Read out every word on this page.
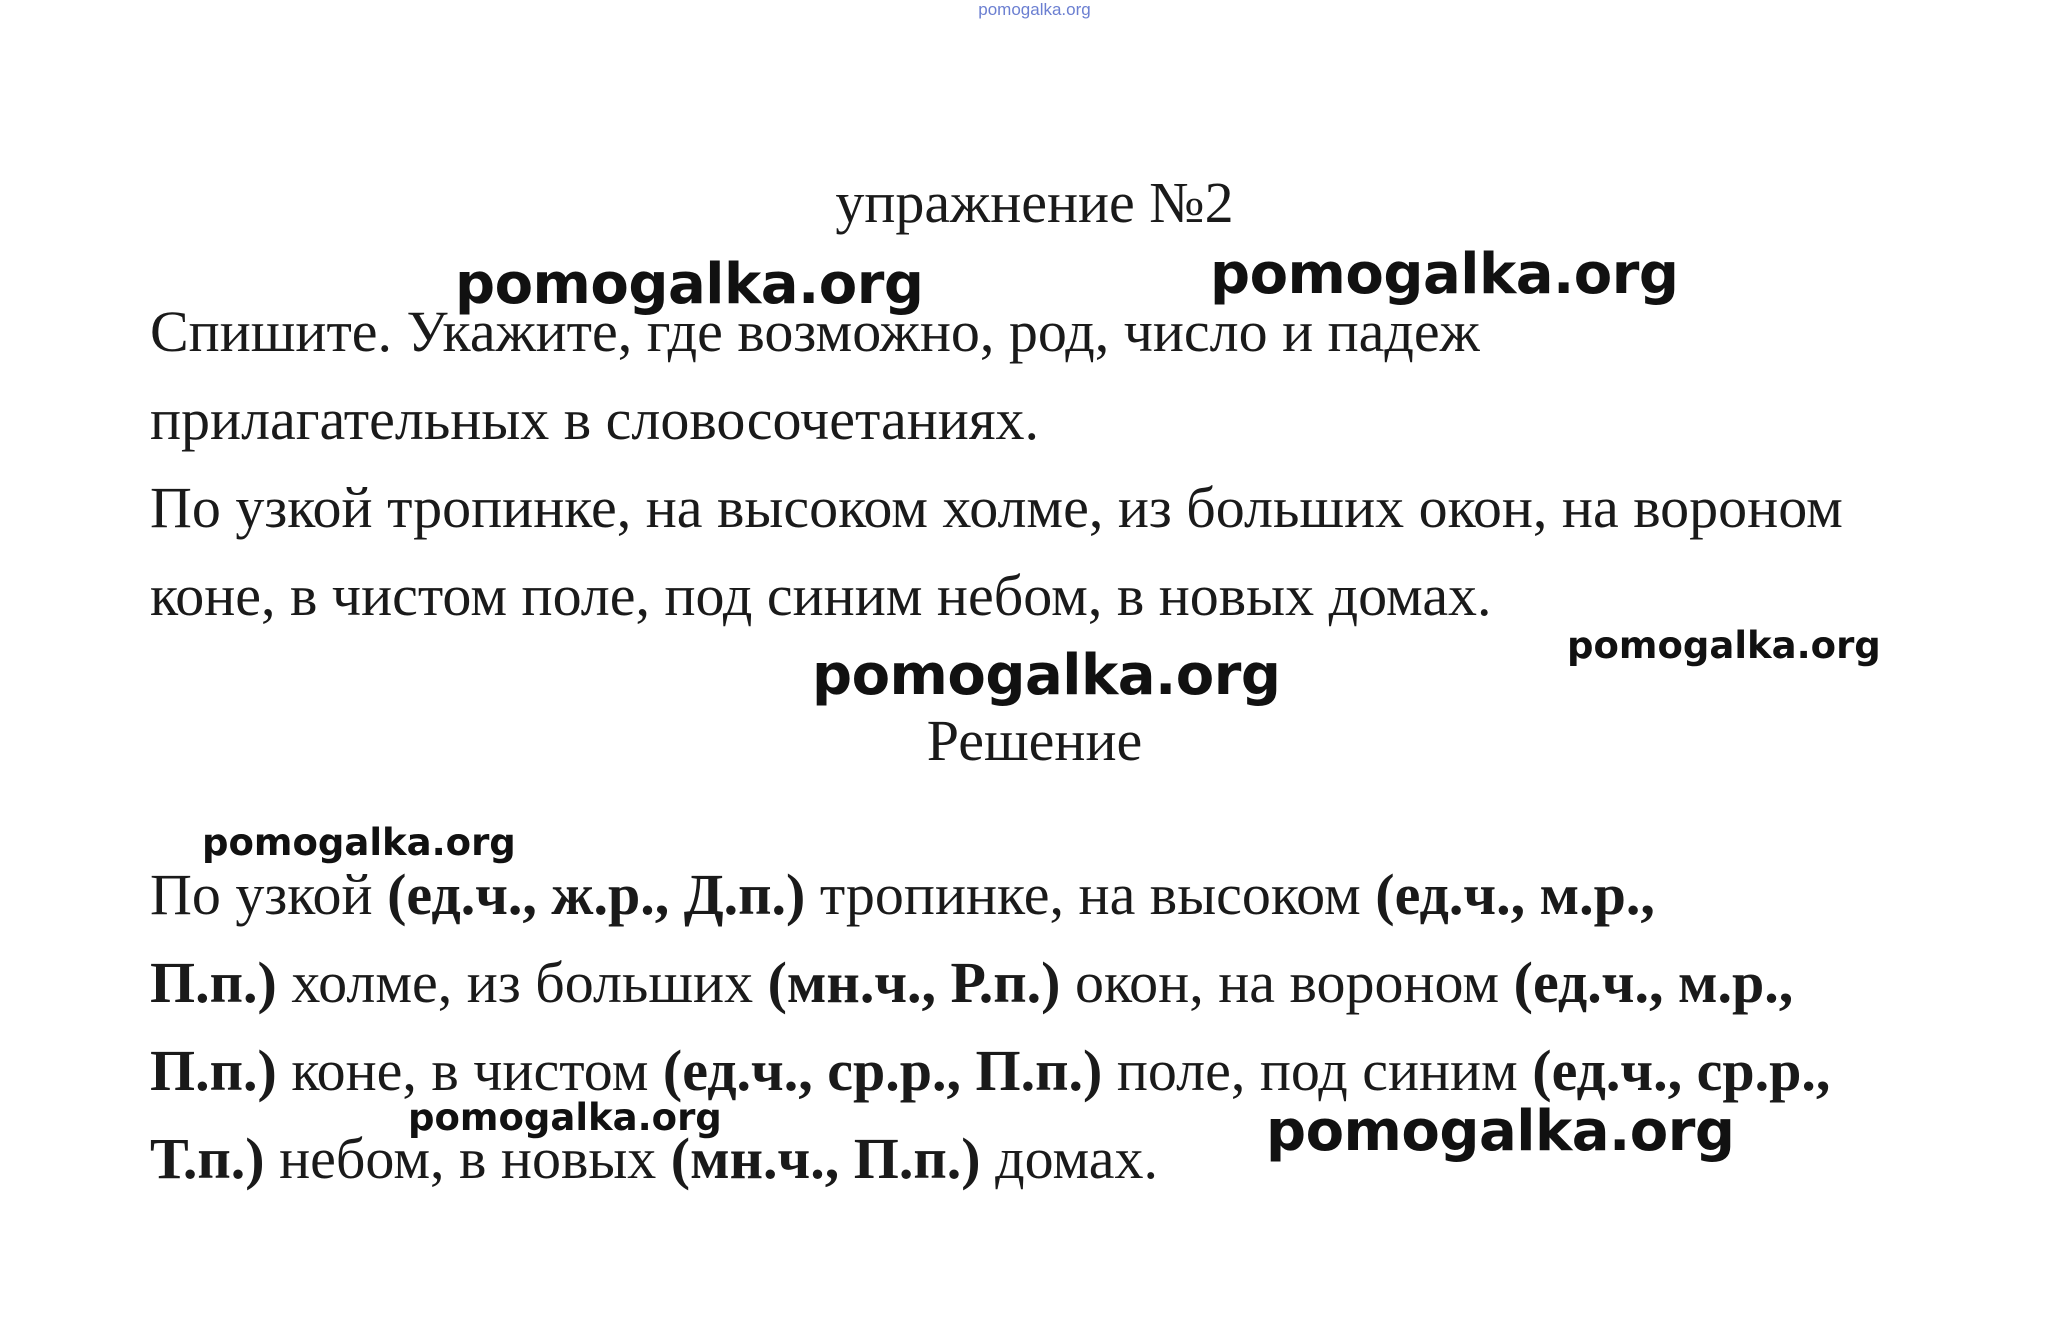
pomogalka.org
упражнение №2
Спишите. Укажите, где возможно, род, число и падеж
прилагательных в словосочетаниях.
По узкой тропинке, на высоком холме, из больших окон, на вороном
коне, в чистом поле, под синим небом, в новых домах.
Решение
По узкой (ед.ч., ж.р., Д.п.) тропинке, на высоком (ед.ч., м.р.,
П.п.) холме, из больших (мн.ч., Р.п.) окон, на вороном (ед.ч., м.р.,
П.п.) коне, в чистом (ед.ч., ср.р., П.п.) поле, под синим (ед.ч., ср.р.,
Т.п.) небом, в новых (мн.ч., П.п.) домах.
pomogalka.org	pomogalka.org
pomogalka.org	pomogalka.org
pomogalka.org
pomogalka.org	pomogalka.org
